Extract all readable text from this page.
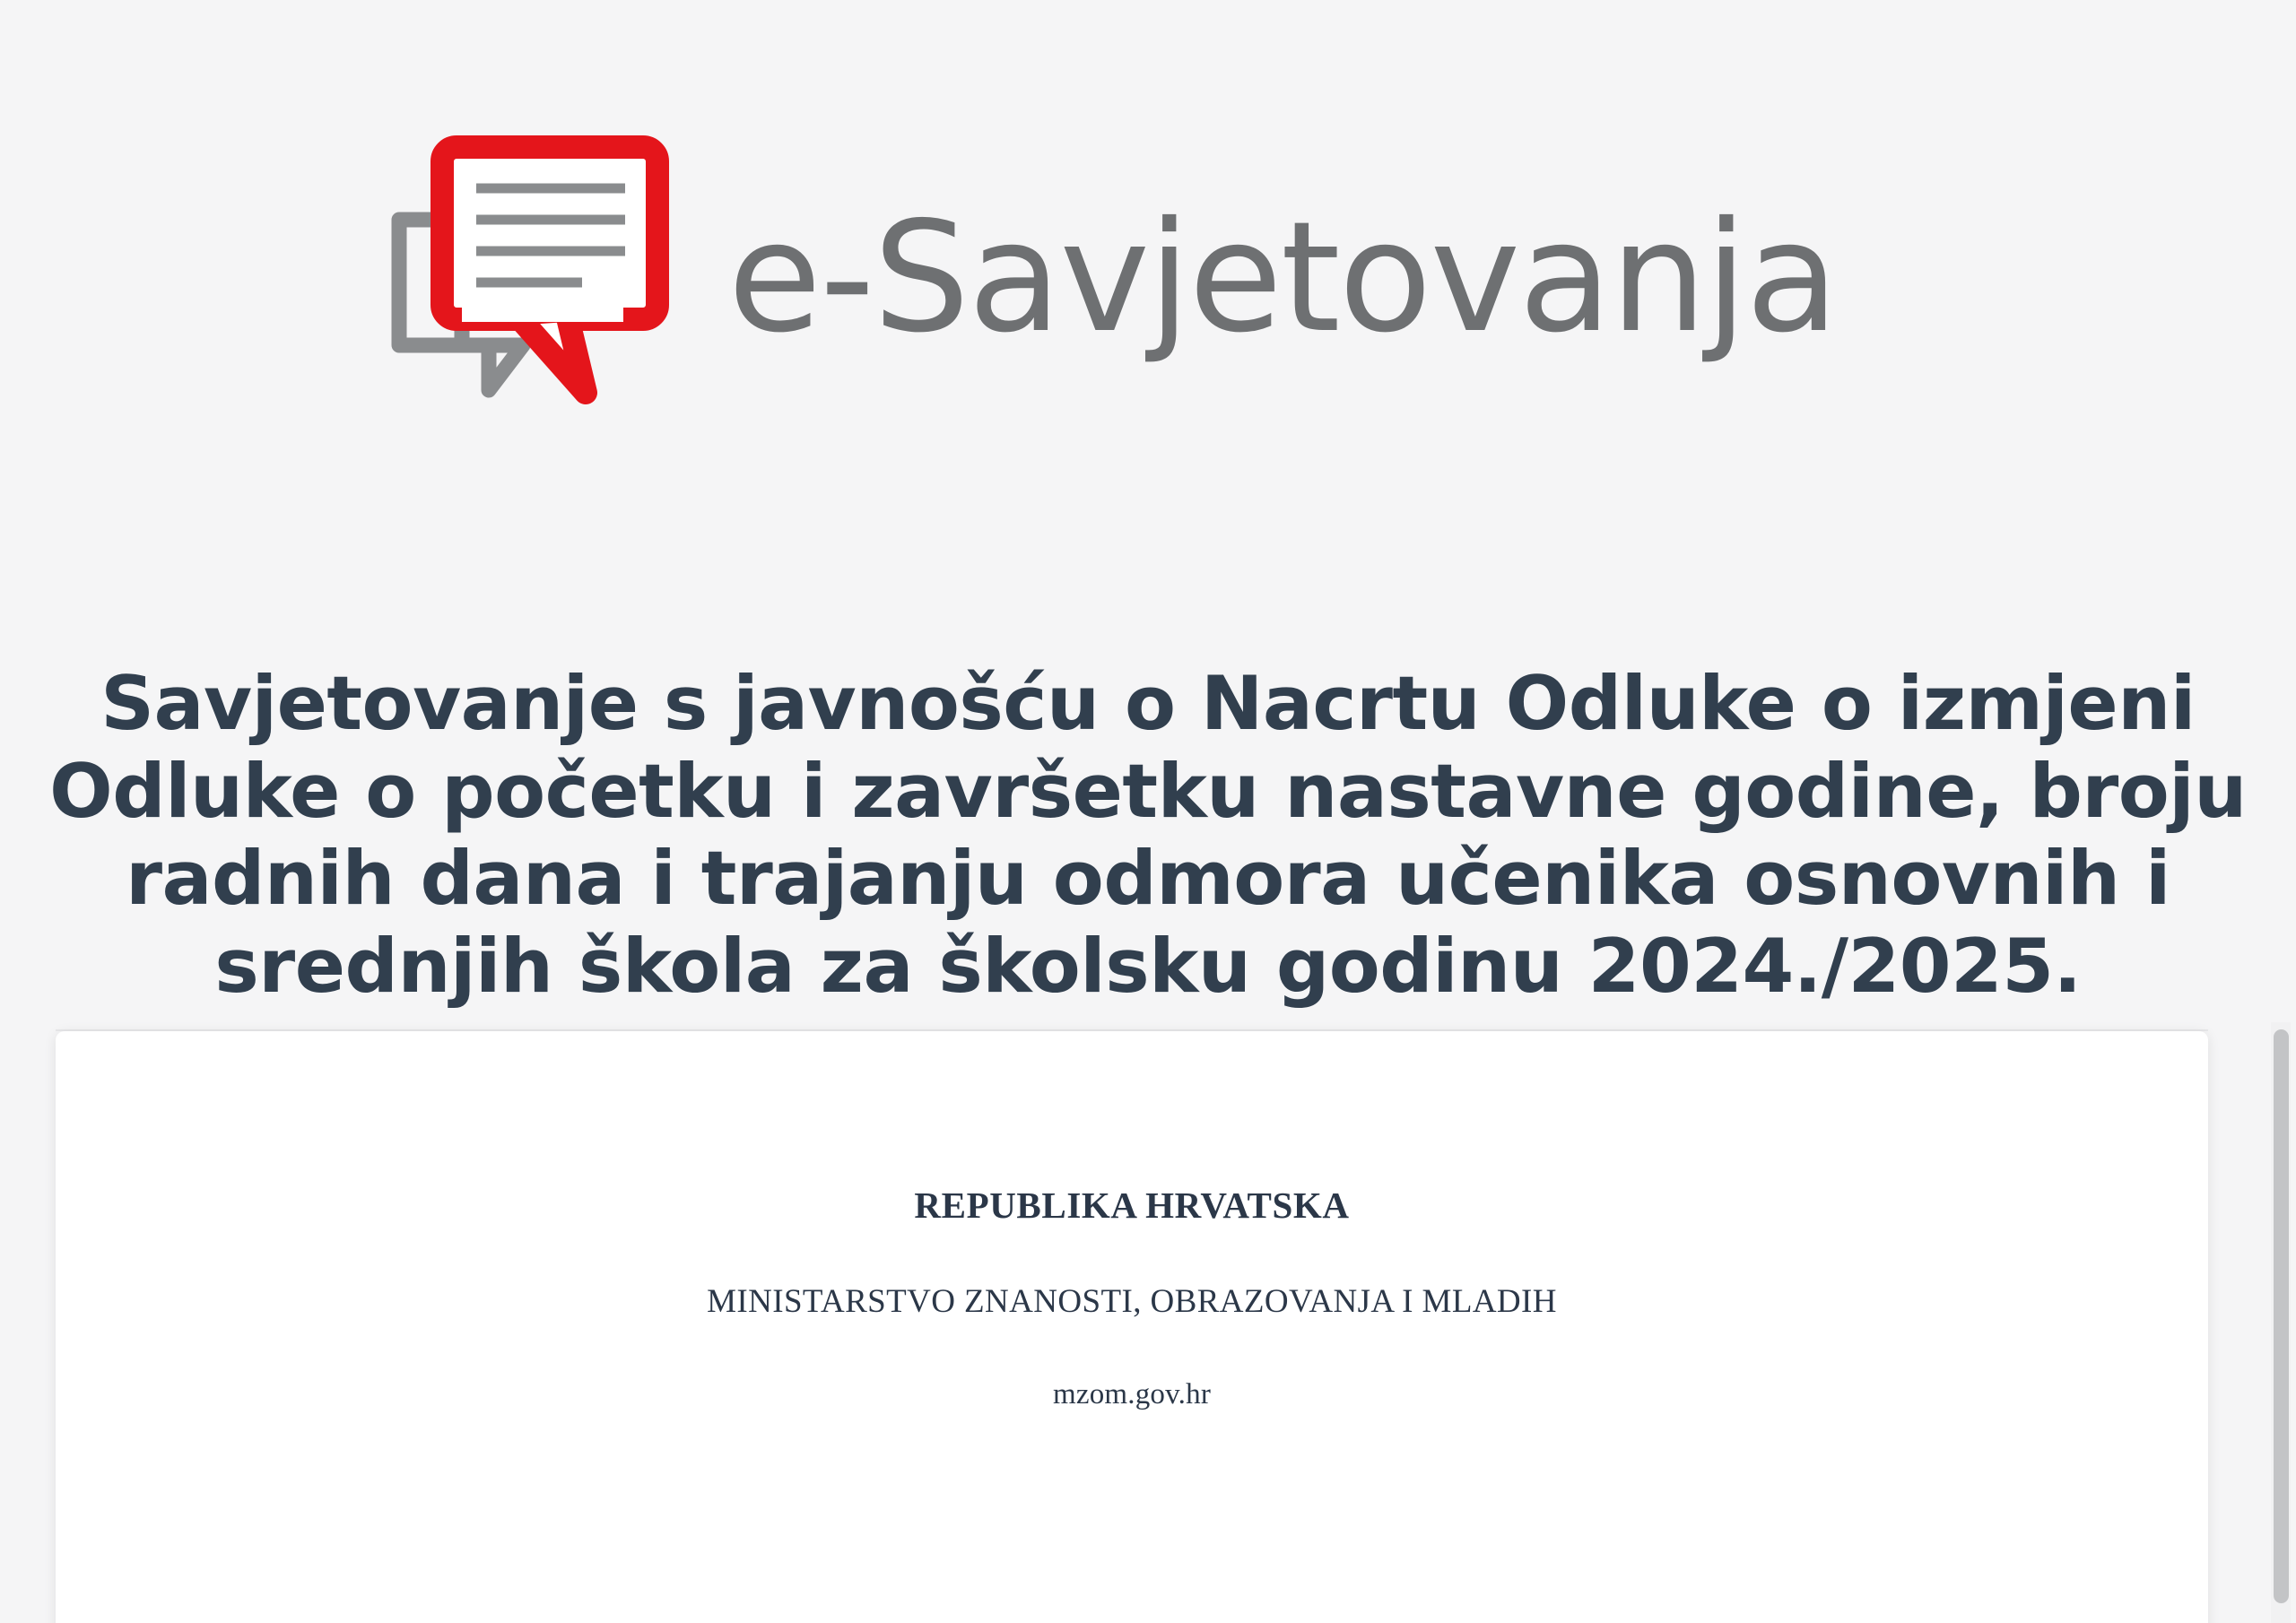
e-Savjetovanja
Savjetovanje s javnošću o Nacrtu Odluke o izmjeni Odluke o početku i završetku nastavne godine, broju radnih dana i trajanju odmora učenika osnovnih i srednjih škola za školsku godinu 2024./2025.
REPUBLIKA HRVATSKA
MINISTARSTVO ZNANOSTI, OBRAZOVANJA I MLADIH
mzom.gov.hr
